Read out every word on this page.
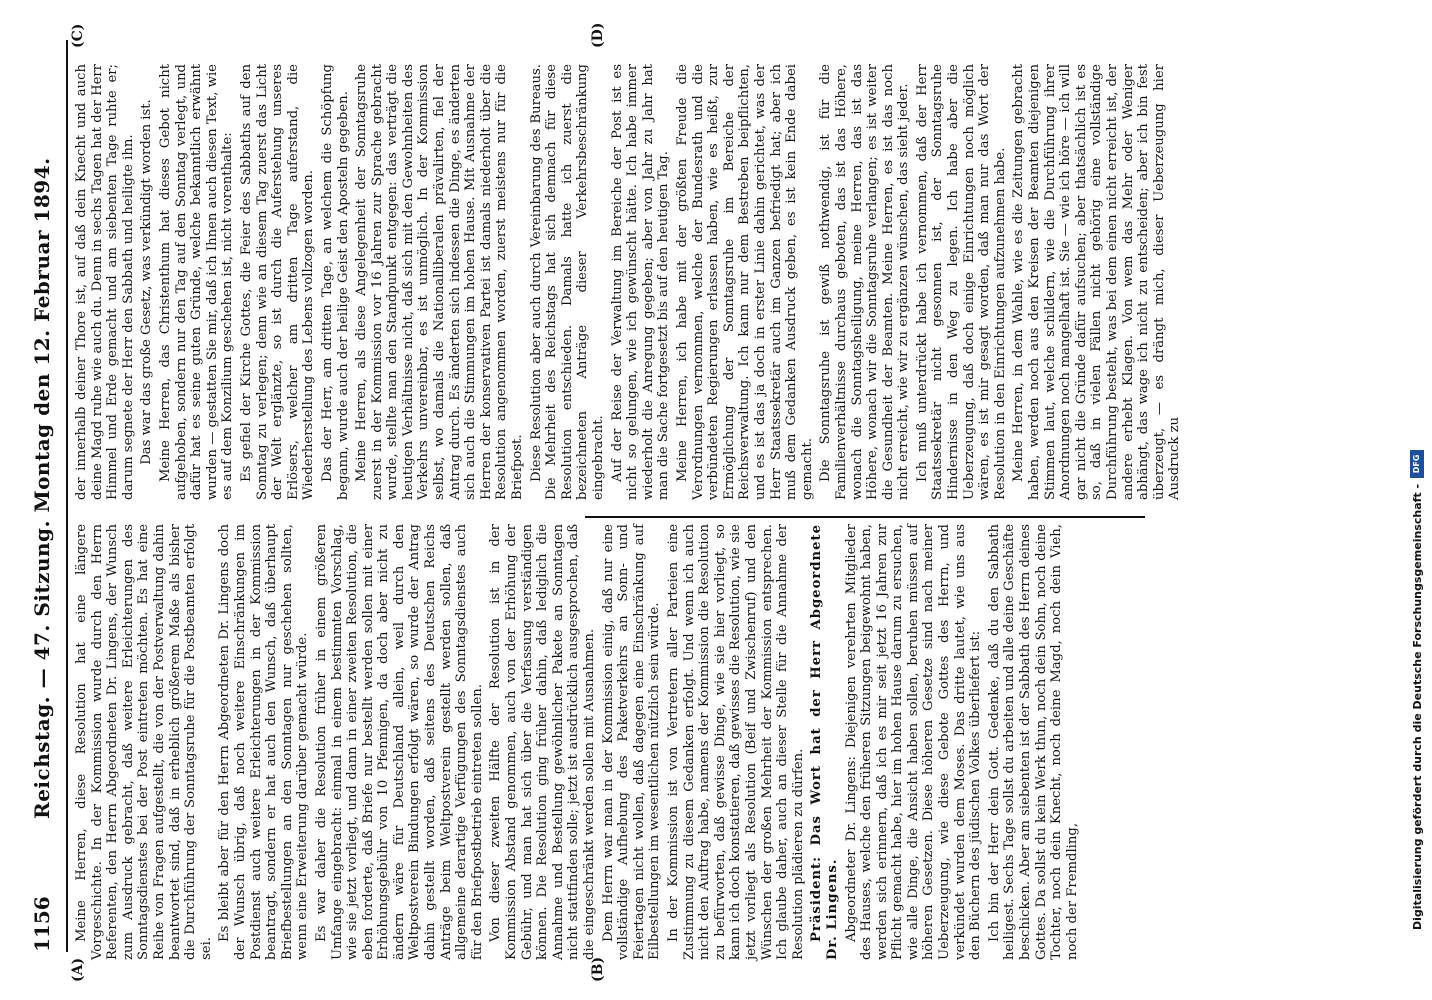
1156
Reichstag. — 47. Sitzung. Montag den 12. Februar 1894.
(A)	(B)
(C)	(D)

Meine Herren, diese Resolution hat eine längere Vorgeschichte. In der Kommission wurde durch den Herrn Referenten, den Herrn Abgeordneten Dr. Lingens, der Wunsch zum Ausdruck gebracht, daß weitere Erleichterungen des Sonntagsdienstes bei der Post eintreten möchten. Es hat eine Reihe von Fragen aufgestellt, die von der Postverwaltung dahin beantwortet sind, daß in erheblich größerem Maße als bisher die Durchführung der Sonntagsruhe für die Postbeamten erfolgt sei.

Es bleibt aber für den Herrn Abgeordneten Dr. Lingens doch der Wunsch übrig, daß noch weitere Einschränkungen im Postdienst auch weitere Erleichterungen in der Kommission beantragt, sondern er hat auch den Wunsch, daß überhaupt Briefbestellungen an den Sonntagen nur geschehen sollten, wenn eine Erweiterung darüber gemacht würde. Es war daher die Resolution früher in einem größeren Umfange eingebracht: einmal in einem bestimmten Vorschlag, wie sie jetzt vorliegt, und dann in einer zweiten Resolution, die eben forderte, daß Briefe nur bestellt werden sollen mit einer Erhöhungsgebühr von 10 Pfennigen, da doch aber nicht zu ändern wäre für Deutschland allein, weil durch den Weltpostverein Bindungen erfolgt wären, so wurde der Antrag dahin gestellt worden, daß seitens des Deutschen Reichs Anträge beim Weltpostverein gestellt werden sollen, daß allgemeine derartige Verfügungen des Sonntagsdienstes auch für den Briefpostbetrieb eintreten sollen. Von dieser zweiten Hälfte der Resolution ist in der Kommission Abstand genommen, auch von der Erhöhung der Gebühr, und man hat sich über die Verfassung verständigen können. Die Resolution ging früher dahin, daß lediglich die Annahme und Bestellung gewöhnlicher Pakete an Sonntagen nicht stattfinden solle; jetzt ist ausdrücklich ausgesprochen, daß die eingeschränkt werden sollen mit Ausnahmen. Dem Herrn war man in der Kommission einig, daß nur eine vollständige Aufhebung des Paketverkehrs an Sonn- und Feiertagen nicht wollen, daß dagegen eine Einschränkung auf Eilbestellungen im wesentlichen nützlich sein würde. In der Kommission ist von Vertretern aller Parteien eine Zustimmung zu diesem Gedanken erfolgt. Und wenn ich auch nicht den Auftrag habe, namens der Kommission die Resolution zu befürworten, daß gewisse Dinge, wie sie hier vorliegt, so kann ich doch konstatieren, daß gewisses die Resolution, wie sie jetzt vorliegt als Resolution (Beif und Zwischenruf) und den Wünschen der großen Mehrheit der Kommission entsprechen. Ich glaube daher, auch an dieser Stelle für die Annahme der Resolution plädieren zu dürfen. Präsident: Das Wort hat der Herr Abgeordnete Dr. Lingens. Abgeordneter Dr. Lingens: Diejenigen verehrten Mitglieder des Hauses, welche den früheren Sitzungen beigewohnt haben, werden sich erinnern, daß ich es mir seit jetzt 16 Jahren zur Pflicht gemacht habe, hier im hohen Hause darum zu ersuchen, wie alle Dinge, die Ansicht haben sollen, beruhen müssen auf höheren Gesetzen. Diese höheren Gesetze sind nach meiner Ueberzeugung, wie diese Gebote Gottes des Herrn, und verkündet wurden dem Moses. Das dritte lautet, wie uns aus den Büchern des jüdischen Volkes überliefert ist: Ich bin der Herr dein Gott. Gedenke, daß du den Sabbath heiligest. Sechs Tage sollst du arbeiten und alle deine Geschäfte beschicken. Aber am siebenten ist der Sabbath des Herrn deines Gottes. Da sollst du kein Werk thun, noch dein Sohn, noch deine Tochter, noch dein Knecht, noch deine Magd, noch dein Vieh, noch der Fremdling,

der innerhalb deiner Thore ist, auf daß dein Knecht und auch deine Magd ruhe wie auch du. Denn in sechs Tagen hat der Herr Himmel und Erde gemacht und am siebenten Tage ruhte er; darum segnete der Herr den Sabbath und heiligte ihn. Das war das große Gesetz, was verkündigt worden ist. Meine Herren, das Christenthum hat dieses Gebot nicht aufgehoben, sondern nur den Tag auf den Sonntag verlegt, und dafür hat es seine guten Gründe, welche bekanntlich erwähnt wurden — gestatten Sie mir, daß ich Ihnen auch diesen Text, wie es auf dem Konzilium geschehen ist, nicht vorenthalte: Es gefiel der Kirche Gottes, die Feier des Sabbaths auf den Sonntag zu verlegen; denn wie an diesem Tag zuerst das Licht der Welt erglänzte, so ist durch die Auferstehung unseres Erlösers, welcher am dritten Tage auferstand, die Wiederherstellung des Lebens vollzogen worden. Das der Herr, am dritten Tage, an welchem die Schöpfung begann, wurde auch der heilige Geist den Aposteln gegeben. Meine Herren, als diese Angelegenheit der Sonntagsruhe zuerst in der Kommission vor 16 Jahren zur Sprache gebracht wurde, stellte man den Standpunkt entgegen: das verträgt die heutigen Verhältnisse nicht, daß sich mit den Gewohnheiten des Verkehrs unvereinbar, es ist unmöglich. In der Kommission selbst, wo damals die Nationalliberalen prävalirten, fiel der Antrag durch. Es änderten sich indessen die Dinge, es änderten sich auch die Stimmungen im hohen Hause. Mit Ausnahme der Herren der konservativen Partei ist damals niederholt über die Resolution angenommen worden, zuerst meistens nur für die Briefpost. Diese Resolution aber auch durch Vereinbarung des Bureaus. Die Mehrheit des Reichstags hat sich demnach für diese Resolution entschieden. Damals hatte ich zuerst die bezeichneten Anträge dieser Verkehrsbeschränkung eingebracht. Auf der Reise der Verwaltung im Bereiche der Post ist es nicht so gelungen, wie ich gewünscht hätte. Ich habe immer wiederholt die Anregung gegeben; aber von Jahr zu Jahr hat man die Sache fortgesetzt bis auf den heutigen Tag. Meine Herren, ich habe mit der größten Freude die Verordnungen vernommen, welche der Bundesrath und die verbündeten Regierungen erlassen haben, wie es heißt, zur Ermöglichung der Sonntagsruhe im Bereiche der Reichsverwaltung. Ich kann nur dem Bestreben beipflichten, und es ist das ja doch in erster Linie dahin gerichtet, was der Herr Staatssekretär auch im Ganzen befriedigt hat; aber ich muß dem Gedanken Ausdruck geben, es ist kein Ende dabei gemacht. Die Sonntagsruhe ist gewiß nothwendig, ist für die Familienverhältnisse durchaus geboten, das ist das Höhere, wonach die Sonntagsheiligung, meine Herren, das ist das Höhere, wonach wir die Sonntagsruhe verlangen; es ist weiter die Gesundheit der Beamten. Meine Herren, es ist das noch nicht erreicht, wie wir zu ergänzen wünschen, das sieht jeder. Ich muß unterdrückt habe ich vernommen, daß der Herr Staatssekretär nicht gesonnen ist, der Sonntagsruhe Hindernisse in den Weg zu legen. Ich habe aber die Ueberzeugung, daß doch einige Einrichtungen noch möglich wären, es ist mir gesagt worden, daß man nur das Wort der Resolution in den Einrichtungen aufzunehmen habe. Meine Herren, in dem Wahle, wie es die Zeitungen gebracht haben, werden noch aus den Kreisen der Beamten diejenigen Stimmen laut, welche schildern, wie die Durchführung ihrer Anordnungen noch mangelhaft ist. Sie — wie ich höre — ich will gar nicht die Gründe dafür aufsuchen; aber thatsächlich ist es so, daß in vielen Fällen nicht gehörig eine vollständige Durchführung besteht, was bei dem einen nicht erreicht ist, der andere erhebt Klagen. Von wem das Mehr oder Weniger abhängt, das wage ich nicht zu entscheiden; aber ich bin fest überzeugt, — es drängt mich, dieser Ueberzeugung hier Ausdruck zu

Digitalisierung gefördert durch die Deutsche Forschungsgemeinschaft -
DFG
